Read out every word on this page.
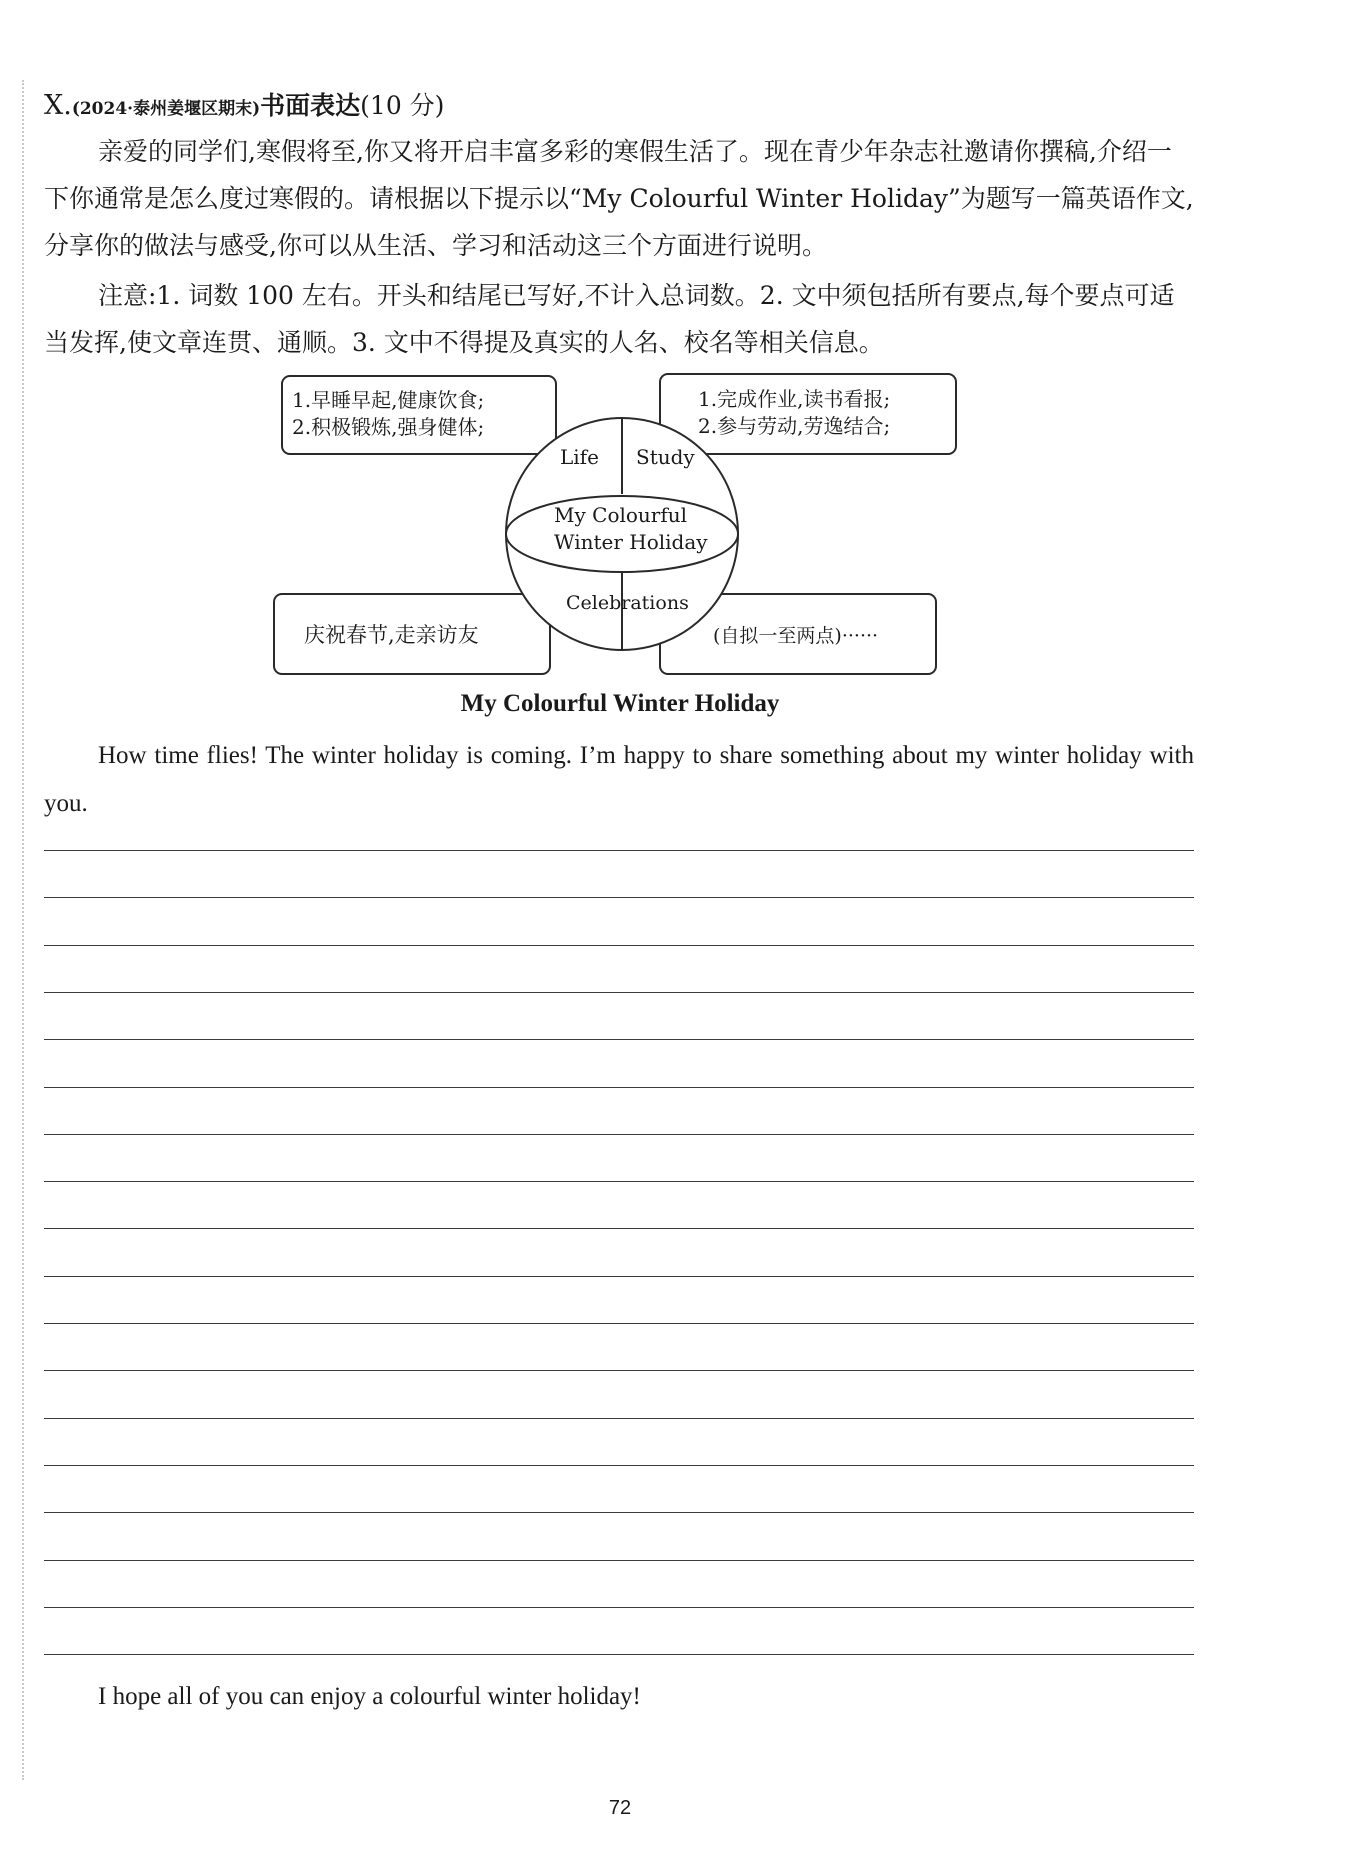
X.(2024·泰州姜堰区期末)书面表达(10 分)
亲爱的同学们,寒假将至,你又将开启丰富多彩的寒假生活了。现在青少年杂志社邀请你撰稿,介绍一下你通常是怎么度过寒假的。请根据以下提示以“My Colourful Winter Holiday”为题写一篇英语作文,分享你的做法与感受,你可以从生活、学习和活动这三个方面进行说明。
注意:1. 词数 100 左右。开头和结尾已写好,不计入总词数。2. 文中须包括所有要点,每个要点可适当发挥,使文章连贯、通顺。3. 文中不得提及真实的人名、校名等相关信息。
1.早睡早起,健康饮食;
2.积极锻炼,强身健体;
1.完成作业,读书看报;
2.参与劳动,劳逸结合;
庆祝春节,走亲访友	(自拟一至两点)······
Life Study
My Colourful
Winter Holiday
Celebrations
My Colourful Winter Holiday
How time flies! The winter holiday is coming. I’m happy to share something about my winter holiday with you.
I hope all of you can enjoy a colourful winter holiday!
72
